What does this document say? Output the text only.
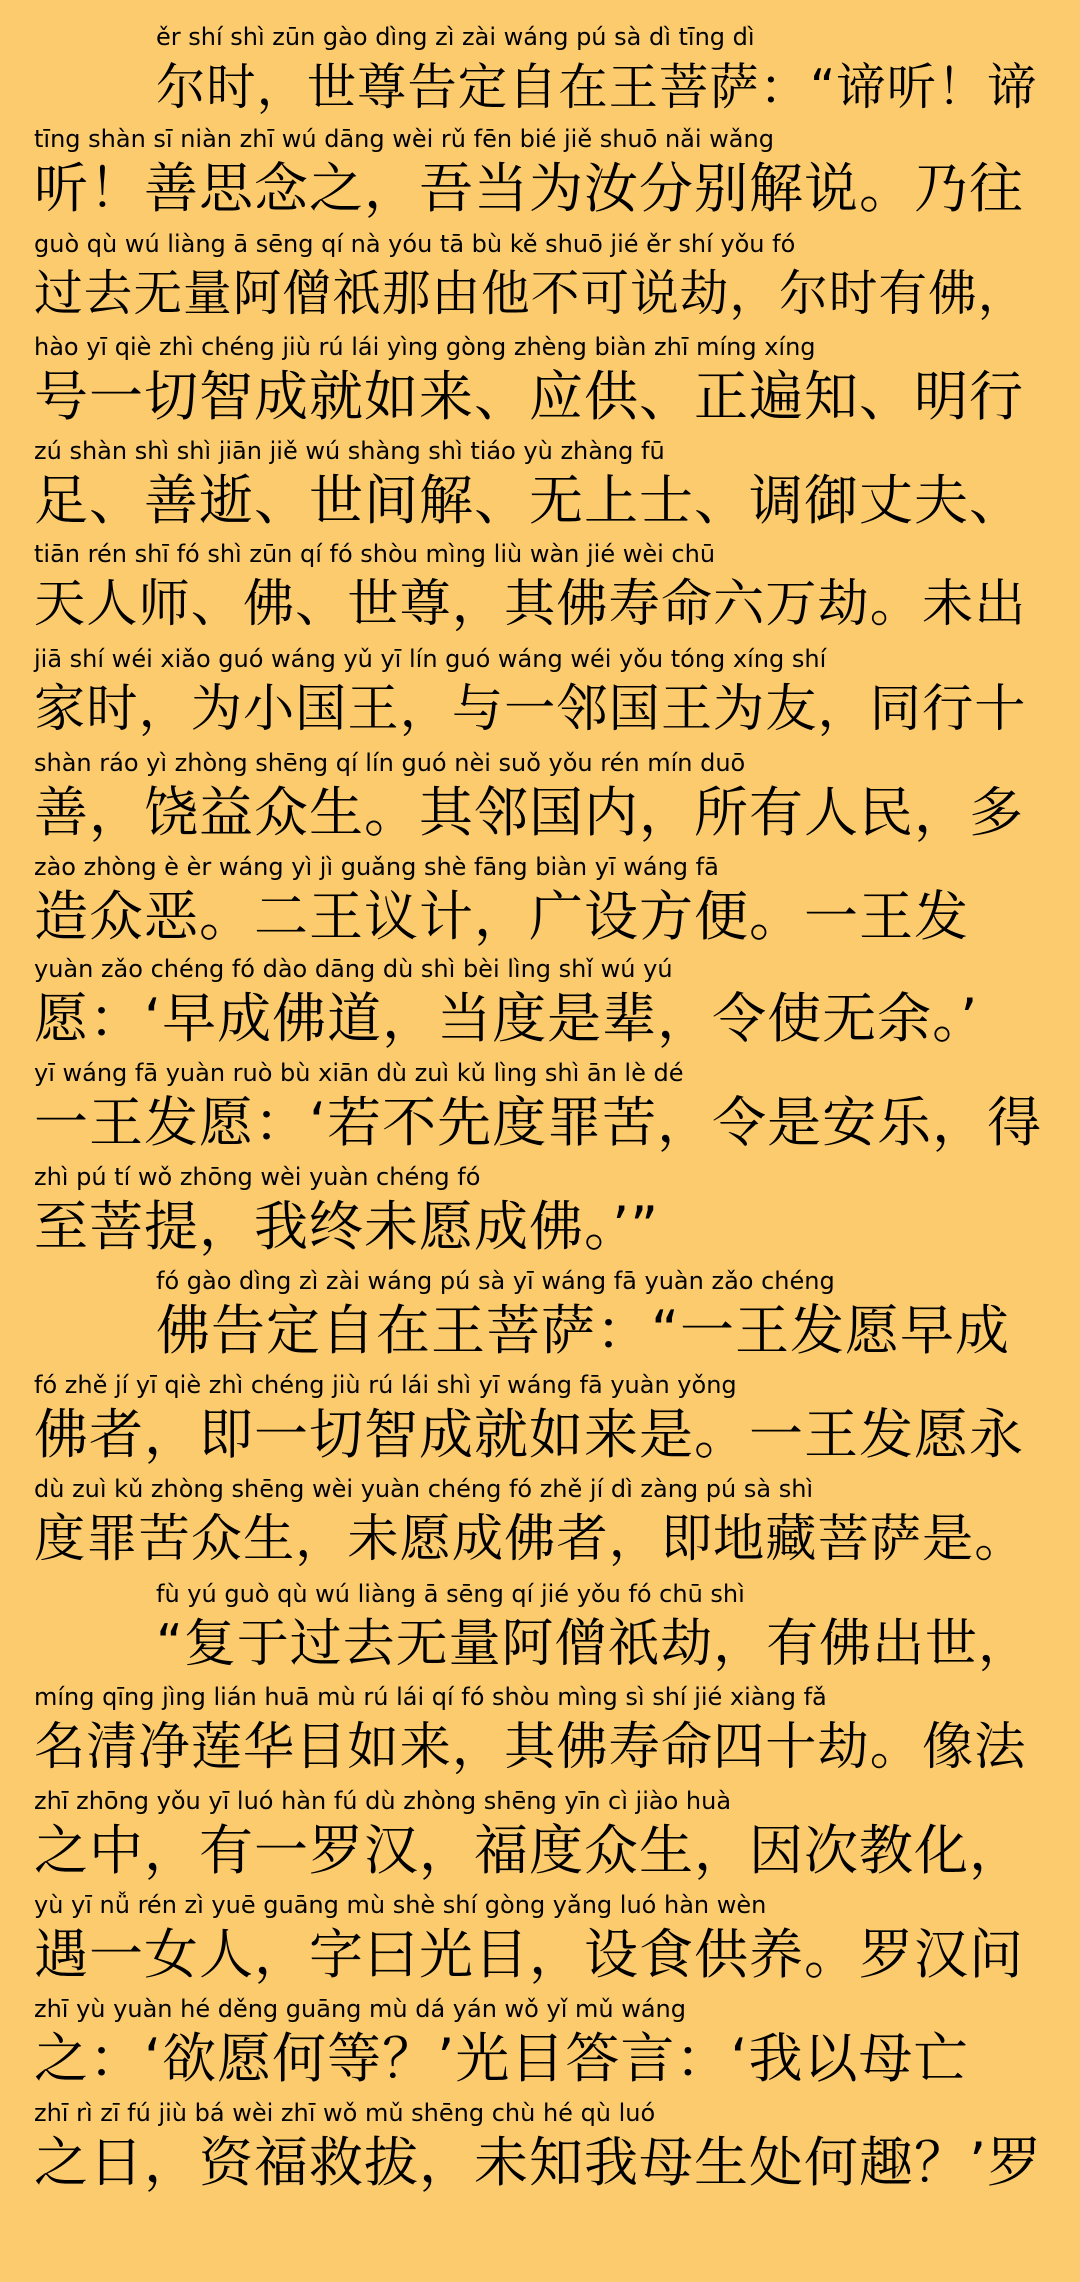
ěr shí shì zūn gào dìng zì zài wáng pú sà dì tīng dì
尔时，世尊告定自在王菩萨：“谛听！谛
tīng shàn sī niàn zhī wú dāng wèi rǔ fēn bié jiě shuō nǎi wǎng
听！善思念之，吾当为汝分别解说。乃往
guò qù wú liàng ā sēng qí nà yóu tā bù kě shuō jié ěr shí yǒu fó
过去无量阿僧祇那由他不可说劫，尔时有佛，
hào yī qiè zhì chéng jiù rú lái yìng gòng zhèng biàn zhī míng xíng
号一切智成就如来、应供、正遍知、明行
zú shàn shì shì jiān jiě wú shàng shì tiáo yù zhàng fū
足、善逝、世间解、无上士、调御丈夫、
tiān rén shī fó shì zūn qí fó shòu mìng liù wàn jié wèi chū
天人师、佛、世尊，其佛寿命六万劫。未出
jiā shí wéi xiǎo guó wáng yǔ yī lín guó wáng wéi yǒu tóng xíng shí
家时，为小国王，与一邻国王为友，同行十
shàn ráo yì zhòng shēng qí lín guó nèi suǒ yǒu rén mín duō
善，饶益众生。其邻国内，所有人民，多
zào zhòng è èr wáng yì jì guǎng shè fāng biàn yī wáng fā
造众恶。二王议计，广设方便。一王发
yuàn zǎo chéng fó dào dāng dù shì bèi lìng shǐ wú yú
愿：‘早成佛道，当度是辈，令使无余。’
yī wáng fā yuàn ruò bù xiān dù zuì kǔ lìng shì ān lè dé
一王发愿：‘若不先度罪苦，令是安乐，得
zhì pú tí wǒ zhōng wèi yuàn chéng fó
至菩提，我终未愿成佛。’”
fó gào dìng zì zài wáng pú sà yī wáng fā yuàn zǎo chéng
佛告定自在王菩萨：“一王发愿早成
fó zhě jí yī qiè zhì chéng jiù rú lái shì yī wáng fā yuàn yǒng
佛者，即一切智成就如来是。一王发愿永
dù zuì kǔ zhòng shēng wèi yuàn chéng fó zhě jí dì zàng pú sà shì
度罪苦众生，未愿成佛者，即地藏菩萨是。
fù yú guò qù wú liàng ā sēng qí jié yǒu fó chū shì
“复于过去无量阿僧祇劫，有佛出世，
míng qīng jìng lián huā mù rú lái qí fó shòu mìng sì shí jié xiàng fǎ
名清净莲华目如来，其佛寿命四十劫。像法
zhī zhōng yǒu yī luó hàn fú dù zhòng shēng yīn cì jiào huà
之中，有一罗汉，福度众生，因次教化，
yù yī nǚ rén zì yuē guāng mù shè shí gòng yǎng luó hàn wèn
遇一女人，字曰光目，设食供养。罗汉问
zhī yù yuàn hé děng guāng mù dá yán wǒ yǐ mǔ wáng
之：‘欲愿何等？’光目答言：‘我以母亡
zhī rì zī fú jiù bá wèi zhī wǒ mǔ shēng chù hé qù luó
之日，资福救拔，未知我母生处何趣？’罗
